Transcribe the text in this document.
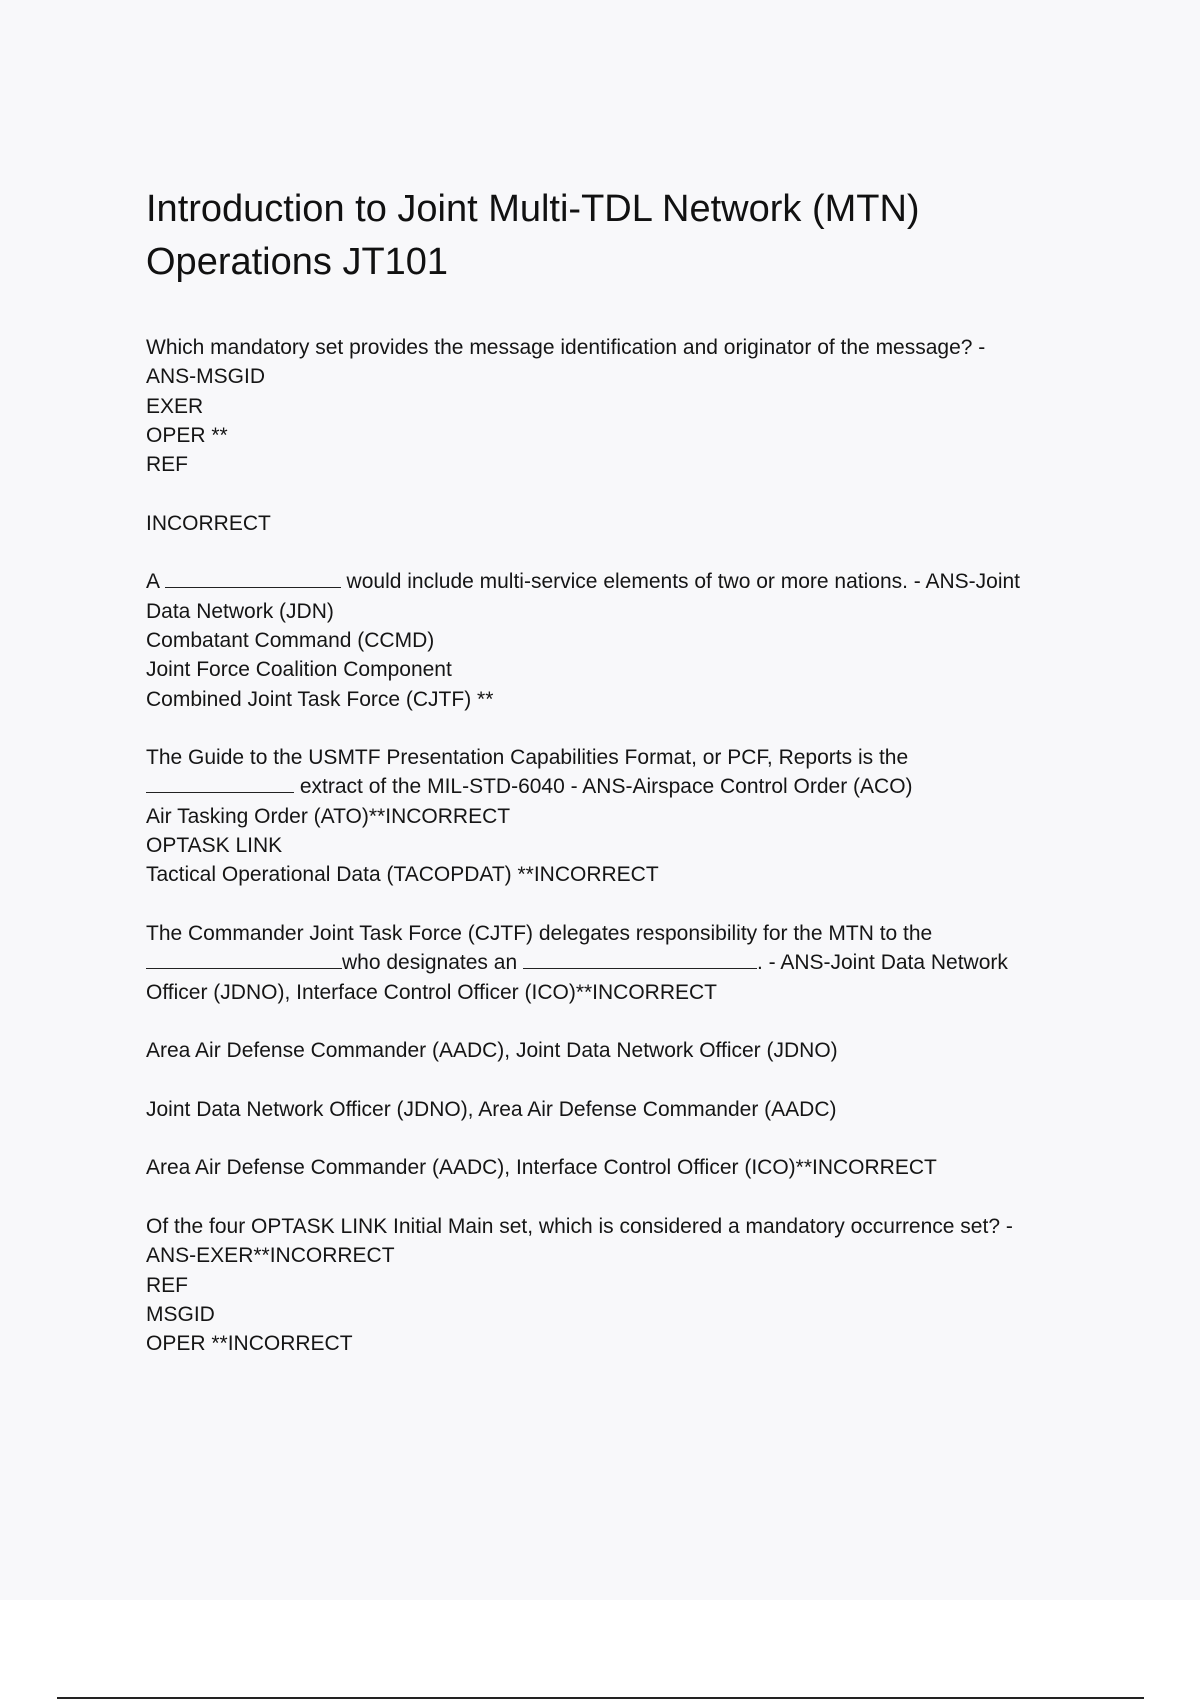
Introduction to Joint Multi-TDL Network (MTN)
Operations JT101
Which mandatory set provides the message identification and originator of the message? -
ANS-MSGID
EXER
OPER **
REF
INCORRECT
A	would include multi-service elements of two or more nations. - ANS-Joint
Data Network (JDN)
Combatant Command (CCMD)
Joint Force Coalition Component
Combined Joint Task Force (CJTF) **
The Guide to the USMTF Presentation Capabilities Format, or PCF, Reports is the
extract of the MIL-STD-6040 - ANS-Airspace Control Order (ACO)
Air Tasking Order (ATO)**INCORRECT
OPTASK LINK
Tactical Operational Data (TACOPDAT) **INCORRECT
The Commander Joint Task Force (CJTF) delegates responsibility for the MTN to the
who designates an	. - ANS-Joint Data Network
Officer (JDNO), Interface Control Officer (ICO)**INCORRECT
Area Air Defense Commander (AADC), Joint Data Network Officer (JDNO)
Joint Data Network Officer (JDNO), Area Air Defense Commander (AADC)
Area Air Defense Commander (AADC), Interface Control Officer (ICO)**INCORRECT
Of the four OPTASK LINK Initial Main set, which is considered a mandatory occurrence set? -
ANS-EXER**INCORRECT
REF
MSGID
OPER **INCORRECT
